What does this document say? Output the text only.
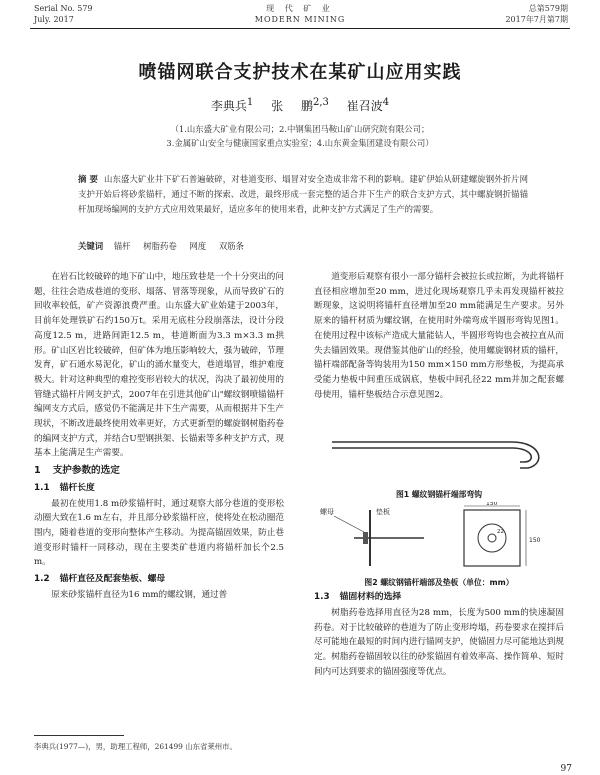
Serial No. 579
July. 2017
现 代 矿 业
MODERN MINING
总第579期
2017年7月第7期
喷锚网联合支护技术在某矿山应用实践
李典兵$^1$ 张 鹏$^{2,3}$ 崔召波$^4$
（1.山东盛大矿业有限公司；2.中钢集团马鞍山矿山研究院有限公司；
3.金属矿山安全与健康国家重点实验室；4.山东黄金集团建设有限公司）
摘 要 山东盛大矿业井下矿石普遍破碎，对巷道变形、塌冒对安全造成非常不利的影响。建矿伊始从研建螺旋钢外折片网支护开始后将砂浆锚杆，通过不断的探索、改进，最终形成一套完整的适合井下生产的联合支护方式，其中螺旋钢折锚锚杆加现场编网的支护方式应用效果最好，适应多年的使用来看，此种支护方式满足了生产的需要。
关键词 锚杆 树脂药卷 网度 双筋条

在岩石比较破碎的地下矿山中，地压致巷是一个十分突出的问题，往往会造成巷道的变形、塌落、冒落等现象，从而导致矿石的回收率较低，矿产资源浪费严重。山东盛大矿业始建于2003年，目前年处理铁矿石约150万t。采用无底柱分段崩落法，设计分段高度12.5 m，进路间距12.5 m，巷道断面为3.3 m×3.3 m拱形。矿山区岩比较破碎，但矿体为地压影响较大，强为破碎，节理发育，矿石通水易泥化，矿山的涌水量变大，巷道塌冒，维护难度极大。针对这种典型的难控变形岩较大的状况，沟决了最初使用的管缝式锚杆片网支护式，2007年在引进其他矿山"螺纹钢喷锚锚杆编网支方式后，感觉仍不能满足井下生产需要，从而根据井下生产现状，不断改进最终使用效率更好，方式更新型的螺旋钢树脂药卷的编网支护方式，并结合U型钢拱架、长锚索等多种支护方式，现基本上能满足生产需要。

1 支护参数的选定
1.1 锚杆长度

最初在使用1.8 m砂浆锚杆时，通过观察大部分巷道的变形松动圈大致在1.6 m左右，并且部分砂浆锚杆应，使将处在松动圈范围内，随着巷道的变形向整体产生移动。为提高锚固效果，防止巷道变形时锚杆一同移动，现在主要类矿巷道内将锚杆加长个2.5 m。

1.2 锚杆直径及配套垫板、螺母

原来砂浆锚杆直径为16 mm的螺纹钢，通过普

道变形后观察有很小一部分锚杆会被拉长或拉断，为此将锚杆直径相应增加至20 mm，进过化现场观察几乎未再发现锚杆被拉断现象，这说明将锚杆直径增加至20 mm能满足生产要求。另外原来的锚杆材质为螺纹钢，在使用时外端弯成半圆形弯钩见图1。在使用过程中该标产造成大量能钻人，半圆形弯钩也会被拉直从而失去锚固效果。现借鉴其他矿山的经验，使用螺旋钢材质的锚杆，锚杆端部配备等钩装用为150 mm×150 mm方形垫板，为提高承受能力垫板中间重压成锅底，垫板中间孔径22 mm并加之配套螺母使用，锚杆垫板结合示意见图2。

图1 螺纹钢锚杆端部弯钩
螺母	垫板
150
150
22
图2 螺纹钢锚杆端部及垫板（单位：mm）
1.3 锚固材料的选择

树脂药卷选择用直径为28 mm，长度为500 mm的快速凝固药卷。对于比较破碎的巷道为了防止变形垮塌，药卷要求在搅拌后尽可能地在最短的时间内进行锚网支护，使锚固力尽可能地达到规定。树脂药卷锚固较以往的砂浆锚固有着效率高、操作简单、短时间内可达到要求的锚固强度等优点。

李典兵(1977—)，男，助理工程师，261499 山东省莱州市。
97
